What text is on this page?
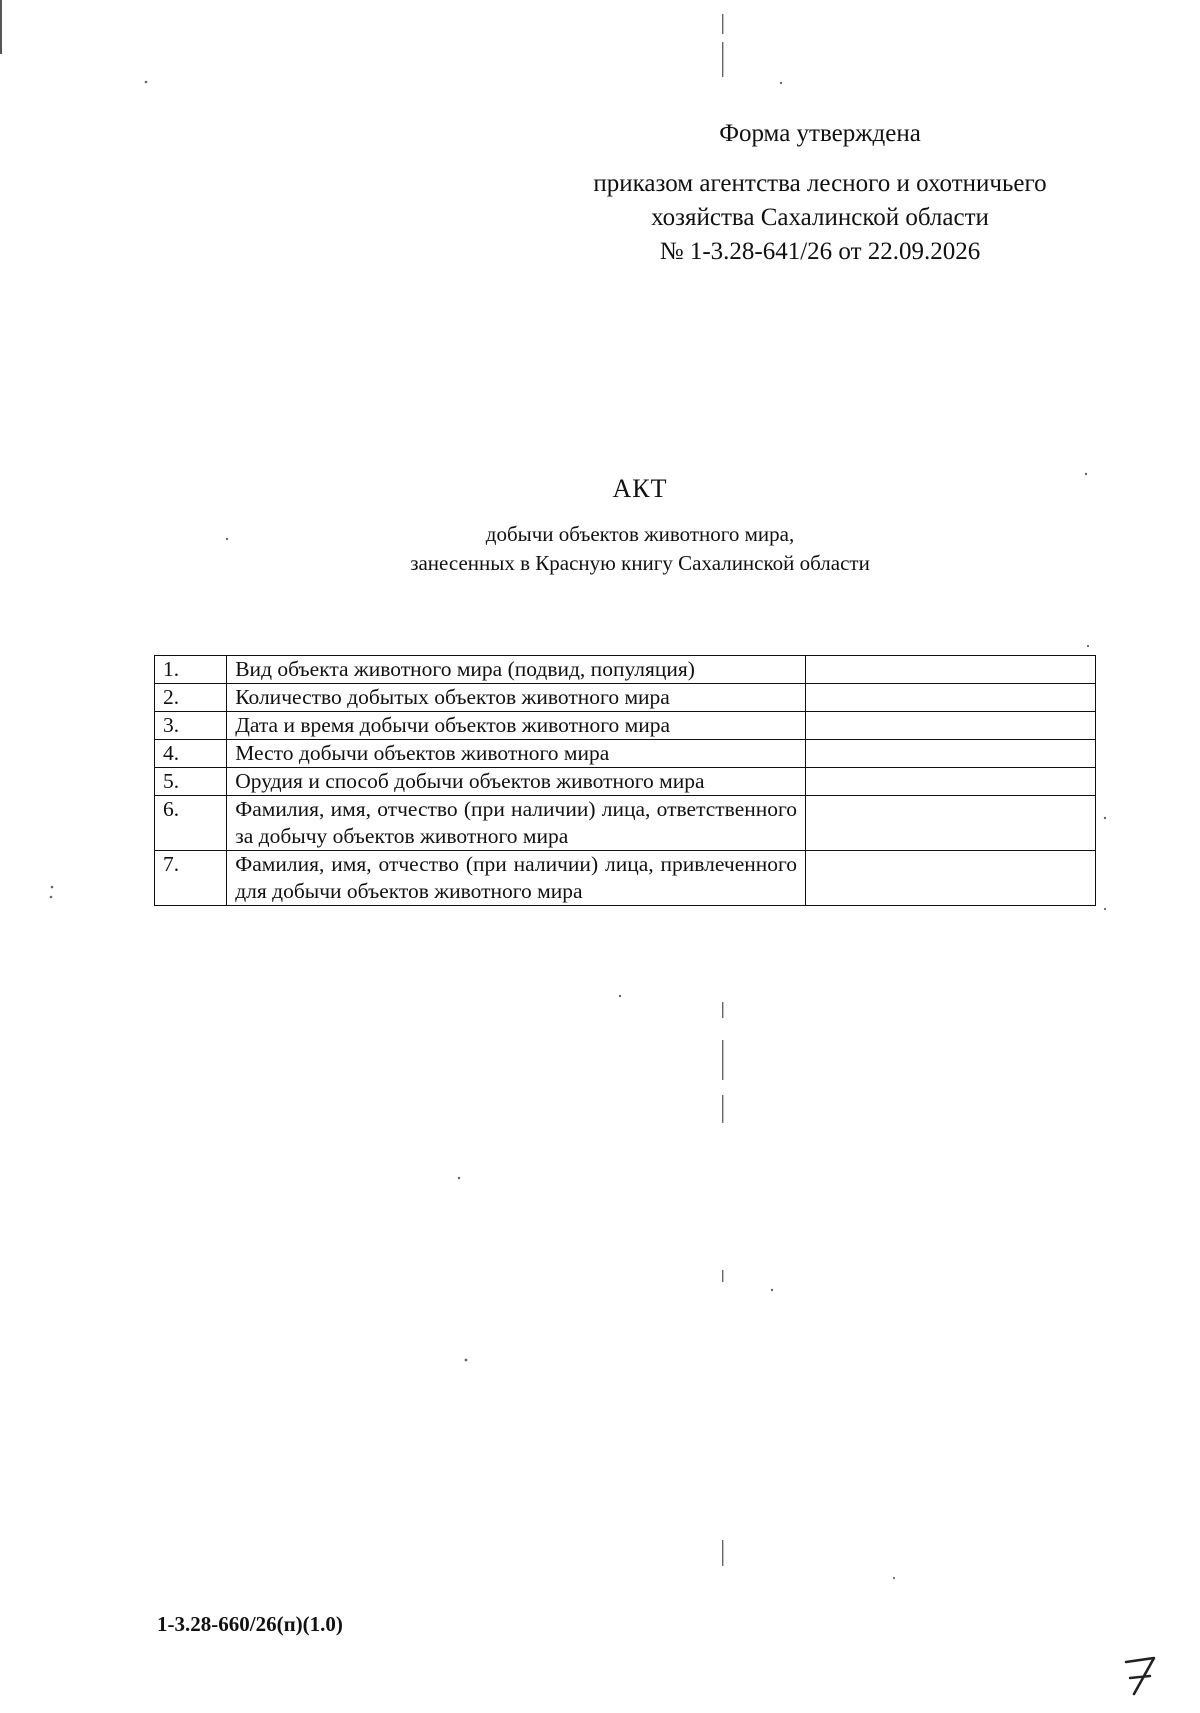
Форма утверждена
приказом агентства лесного и охотничьего
хозяйства Сахалинской области
№ 1-3.28-641/26 от 22.09.2026
АКТ
добычи объектов животного мира,
занесенных в Красную книгу Сахалинской области
1.	Вид объекта животного мира (подвид, популяция)	
2.	Количество добытых объектов животного мира	
3.	Дата и время добычи объектов животного мира	
4.	Место добычи объектов животного мира	
5.	Орудия и способ добычи объектов животного мира	
6.	Фамилия, имя, отчество (при наличии) лица, ответственного за добычу объектов животного мира	
7.	Фамилия, имя, отчество (при наличии) лица, привлеченного для добычи объектов животного мира	
1-3.28-660/26(п)(1.0)
